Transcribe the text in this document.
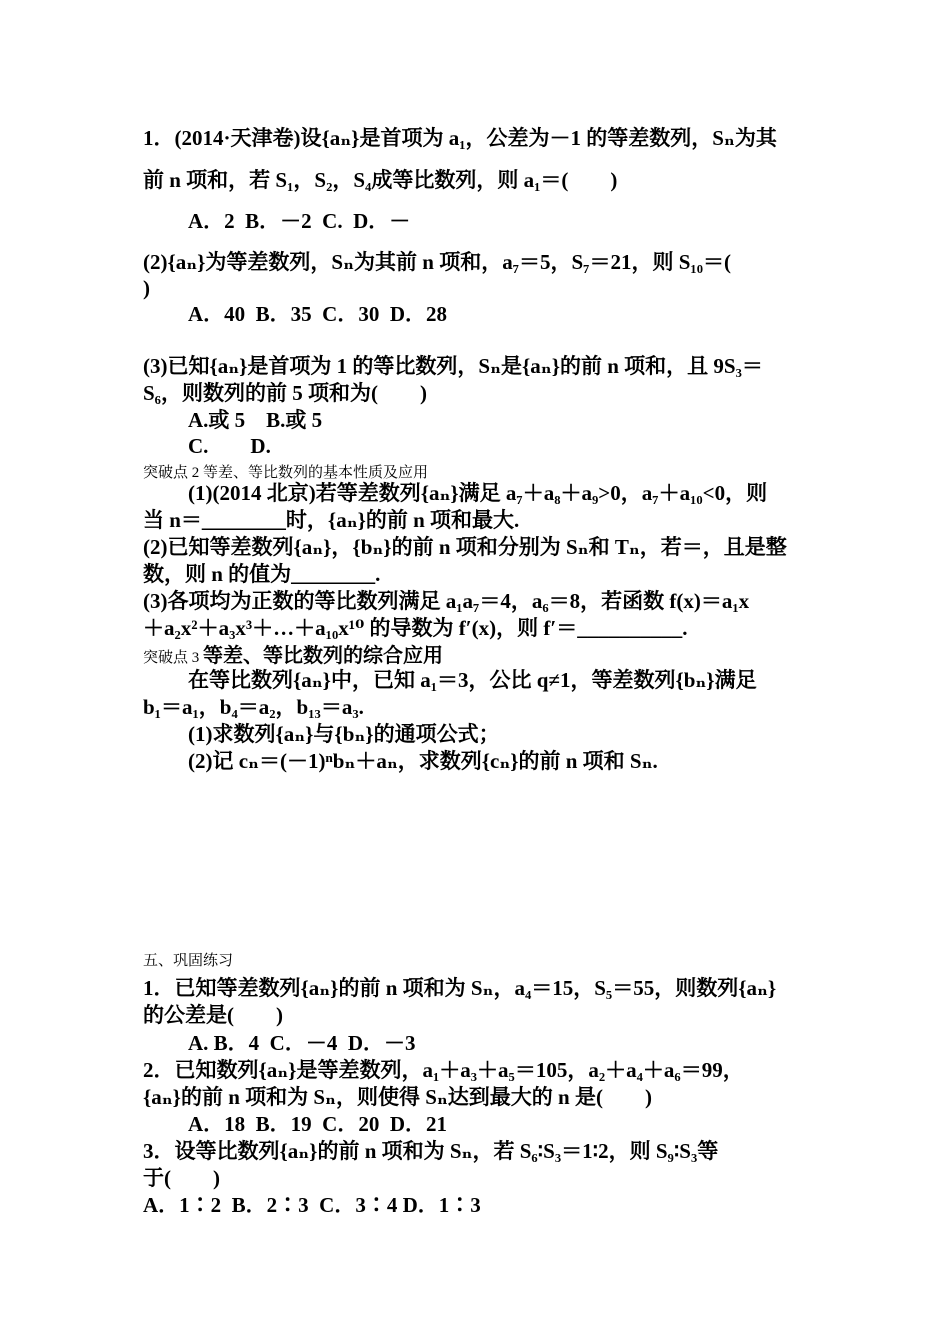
1．(2014·天津卷)设{aₙ}是首项为 a₁，公差为－1 的等差数列，Sₙ为其
前 n 项和，若 S₁，S₂，S₄成等比数列，则 a₁＝(　　)
A．2  B．－2  C.  D．－
(2){aₙ}为等差数列，Sₙ为其前 n 项和，a₇＝5，S₇＝21，则 S₁₀＝(
)
A．40  B．35  C．30  D．28
(3)已知{aₙ}是首项为 1 的等比数列，Sₙ是{aₙ}的前 n 项和，且 9S₃＝
S₆，则数列的前 5 项和为(　　)
A.或 5　B.或 5
C.　　D.
突破点 2 等差、等比数列的基本性质及应用
(1)(2014 北京)若等差数列{aₙ}满足 a₇＋a₈＋a₉>0，a₇＋a₁₀<0，则
当 n＝________时，{aₙ}的前 n 项和最大.
(2)已知等差数列{aₙ}，{bₙ}的前 n 项和分别为 Sₙ和 Tₙ，若＝，且是整
数，则 n 的值为________.
(3)各项均为正数的等比数列满足 a₁a₇＝4，a₆＝8，若函数 f(x)＝a₁x
＋a₂x²＋a₃x³＋…＋a₁₀x¹⁰ 的导数为 f′(x)，则 f′＝__________.
突破点 3 等差、等比数列的综合应用
在等比数列{aₙ}中，已知 a₁＝3，公比 q≠1，等差数列{bₙ}满足
b₁＝a₁，b₄＝a₂，b₁₃＝a₃.
(1)求数列{aₙ}与{bₙ}的通项公式；
(2)记 cₙ＝(－1)ⁿbₙ＋aₙ，求数列{cₙ}的前 n 项和 Sₙ.
五、巩固练习
1．已知等差数列{aₙ}的前 n 项和为 Sₙ，a₄＝15，S₅＝55，则数列{aₙ}
的公差是(　　)
A. B．4  C．－4  D．－3
2．已知数列{aₙ}是等差数列，a₁＋a₃＋a₅＝105，a₂＋a₄＋a₆＝99，
{aₙ}的前 n 项和为 Sₙ，则使得 Sₙ达到最大的 n 是(　　)
A．18  B．19  C．20  D．21
3．设等比数列{aₙ}的前 n 项和为 Sₙ，若 S₆∶S₃＝1∶2，则 S₉∶S₃等
于(　　)
A．1∶2  B．2∶3  C．3∶4 D．1∶3
